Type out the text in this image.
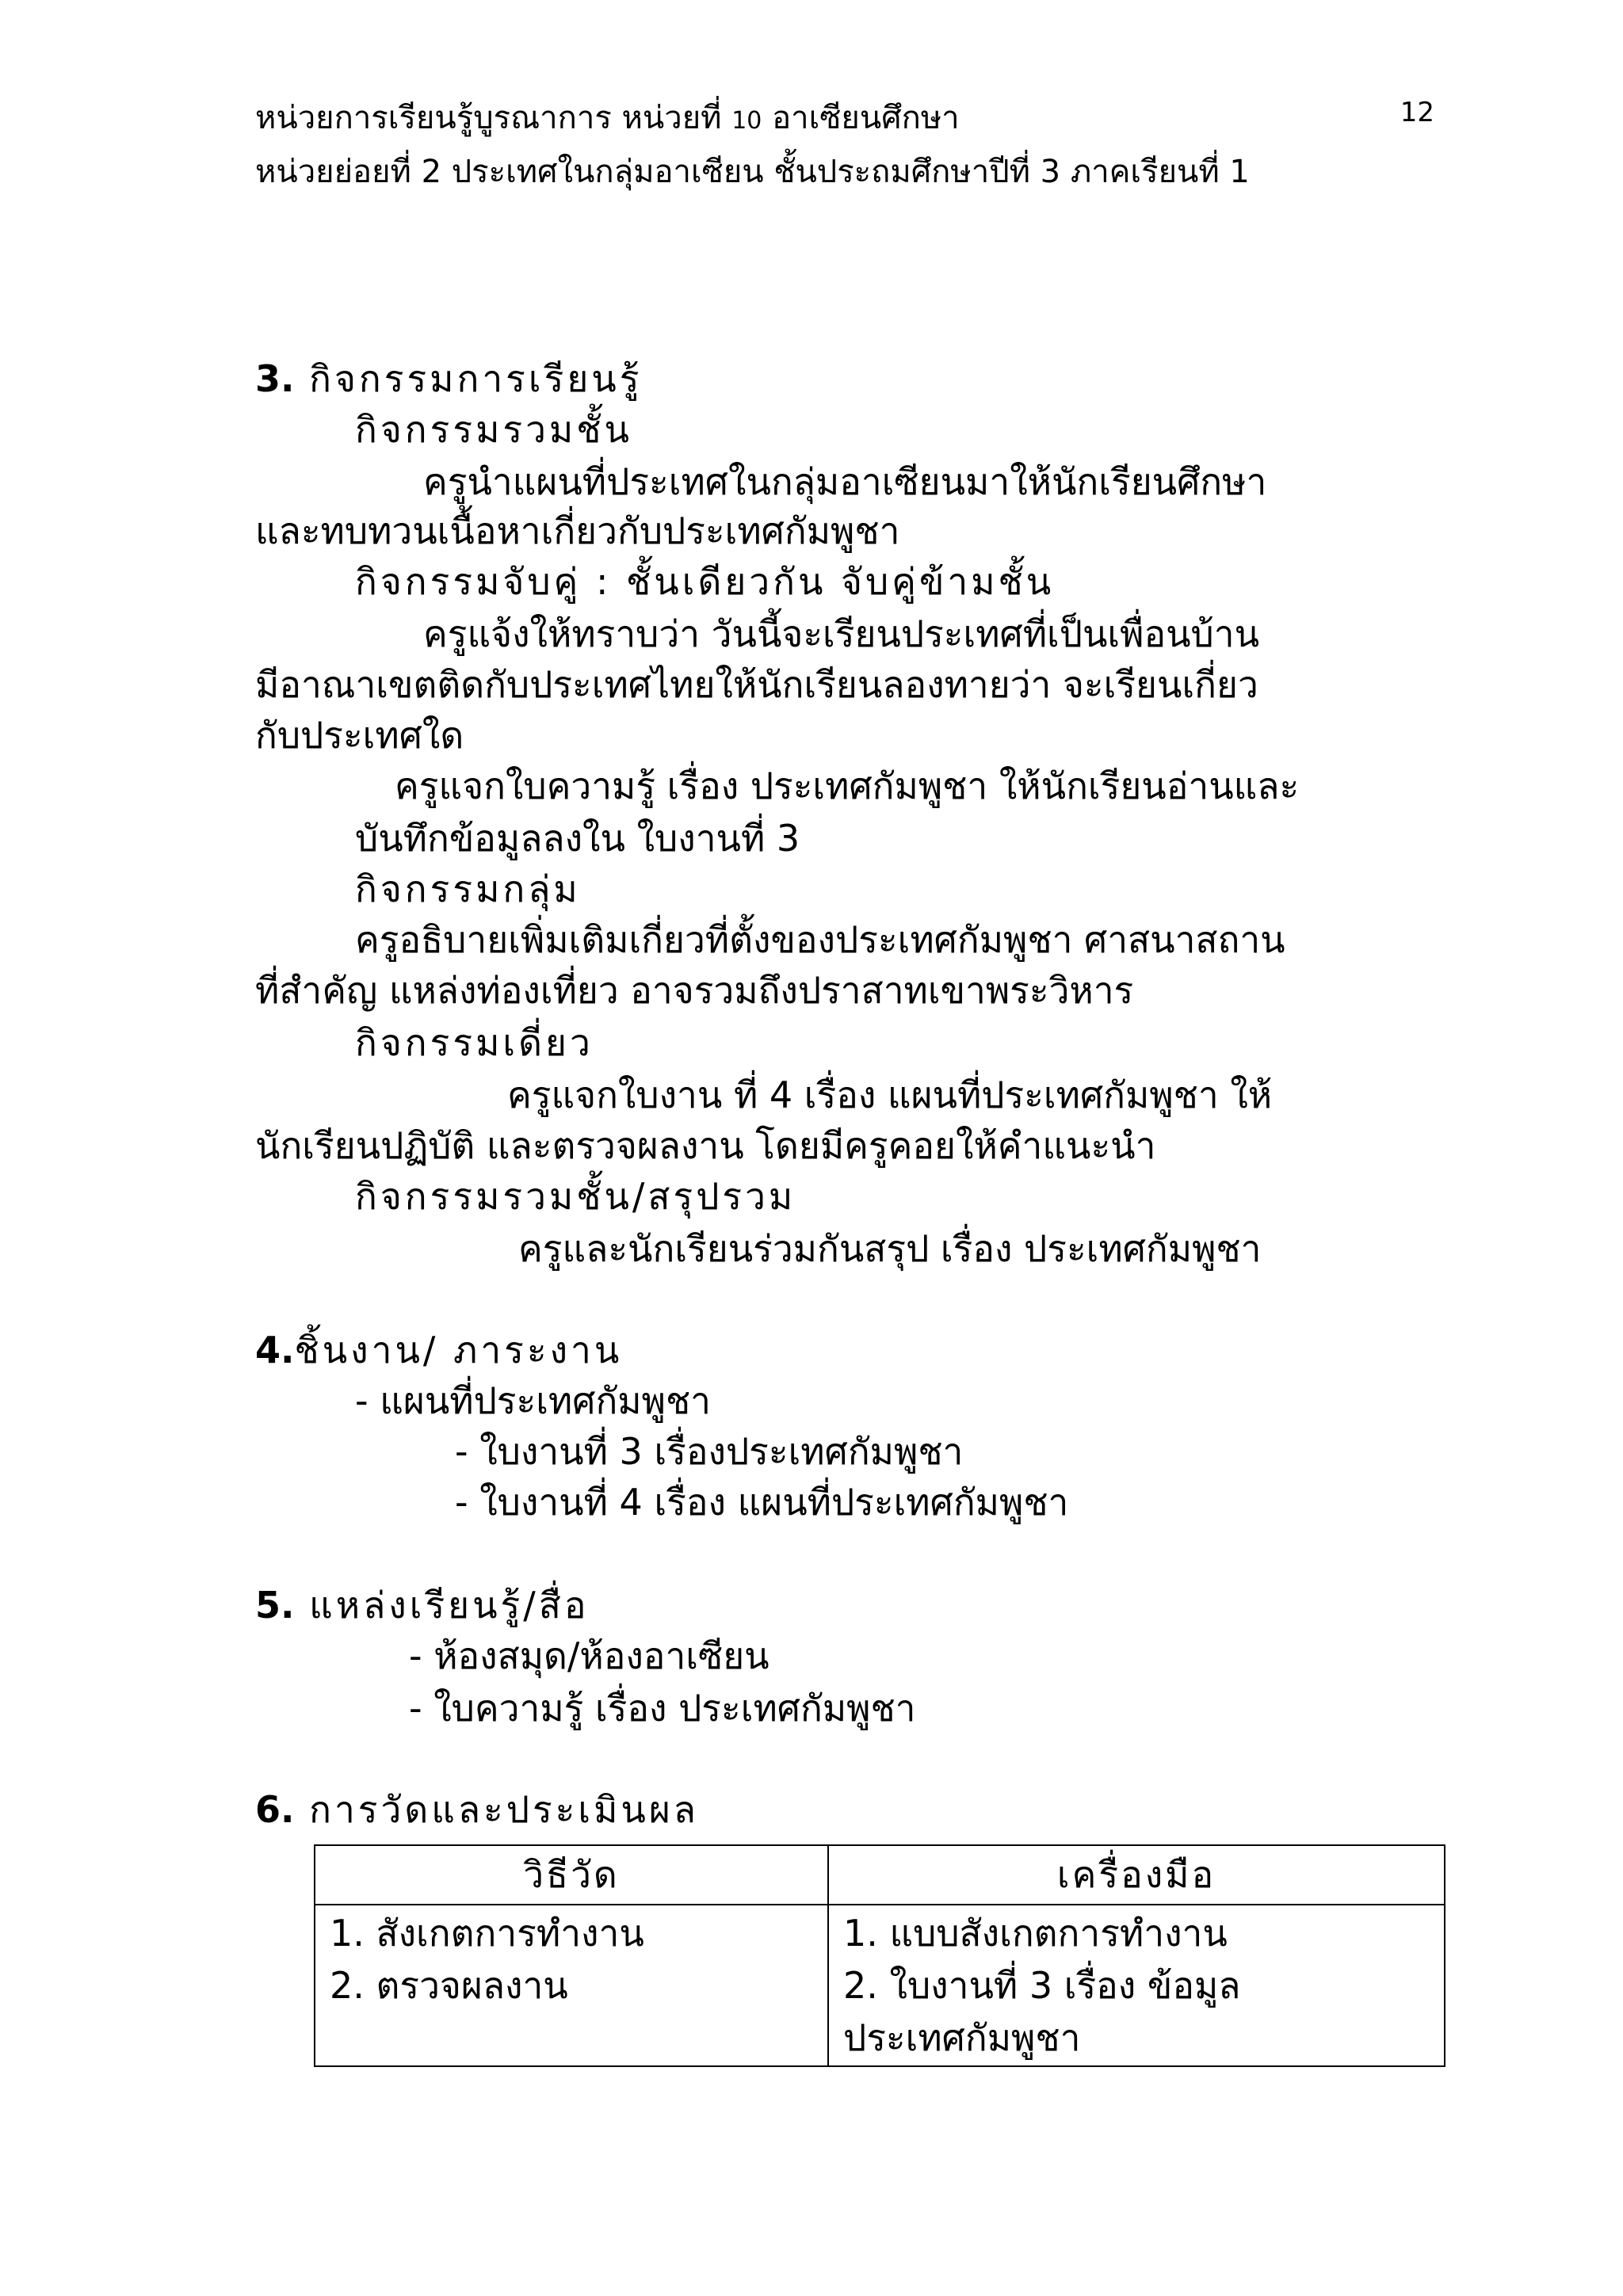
หน่วยการเรียนรู้บูรณาการ หน่วยที่ 10 อาเซียนศึกษา
หน่วยย่อยที่ 2 ประเทศในกลุ่มอาเซียน ชั้นประถมศึกษาปีที่ 3 ภาคเรียนที่ 1
12
3. กิจกรรมการเรียนรู้
กิจกรรมรวมชั้น
ครูนำแผนที่ประเทศในกลุ่มอาเซียนมาให้นักเรียนศึกษา
และทบทวนเนื้อหาเกี่ยวกับประเทศกัมพูชา
กิจกรรมจับคู่ : ชั้นเดียวกัน จับคู่ข้ามชั้น
ครูแจ้งให้ทราบว่า วันนี้จะเรียนประเทศที่เป็นเพื่อนบ้าน
มีอาณาเขตติดกับประเทศไทยให้นักเรียนลองทายว่า จะเรียนเกี่ยว
กับประเทศใด
ครูแจกใบความรู้ เรื่อง ประเทศกัมพูชา ให้นักเรียนอ่านและ
บันทึกข้อมูลลงใน ใบงานที่ 3
กิจกรรมกลุ่ม
ครูอธิบายเพิ่มเติมเกี่ยวที่ตั้งของประเทศกัมพูชา ศาสนาสถาน
ที่สำคัญ แหล่งท่องเที่ยว อาจรวมถึงปราสาทเขาพระวิหาร
กิจกรรมเดี่ยว
ครูแจกใบงาน ที่ 4 เรื่อง แผนที่ประเทศกัมพูชา ให้
นักเรียนปฏิบัติ และตรวจผลงาน โดยมีครูคอยให้คำแนะนำ
กิจกรรมรวมชั้น/สรุปรวม
ครูและนักเรียนร่วมกันสรุป เรื่อง ประเทศกัมพูชา
4.ชิ้นงาน/ ภาระงาน
- แผนที่ประเทศกัมพูชา
- ใบงานที่ 3 เรื่องประเทศกัมพูชา
- ใบงานที่ 4 เรื่อง แผนที่ประเทศกัมพูชา
5. แหล่งเรียนรู้/สื่อ
- ห้องสมุด/ห้องอาเซียน
- ใบความรู้ เรื่อง ประเทศกัมพูชา
6. การวัดและประเมินผล
วิธีวัด	เครื่องมือ

1. สังเกตการทำงาน
2. ตรวจผลงาน	1. แบบสังเกตการทำงาน
2. ใบงานที่ 3 เรื่อง ข้อมูล
ประเทศกัมพูชา
